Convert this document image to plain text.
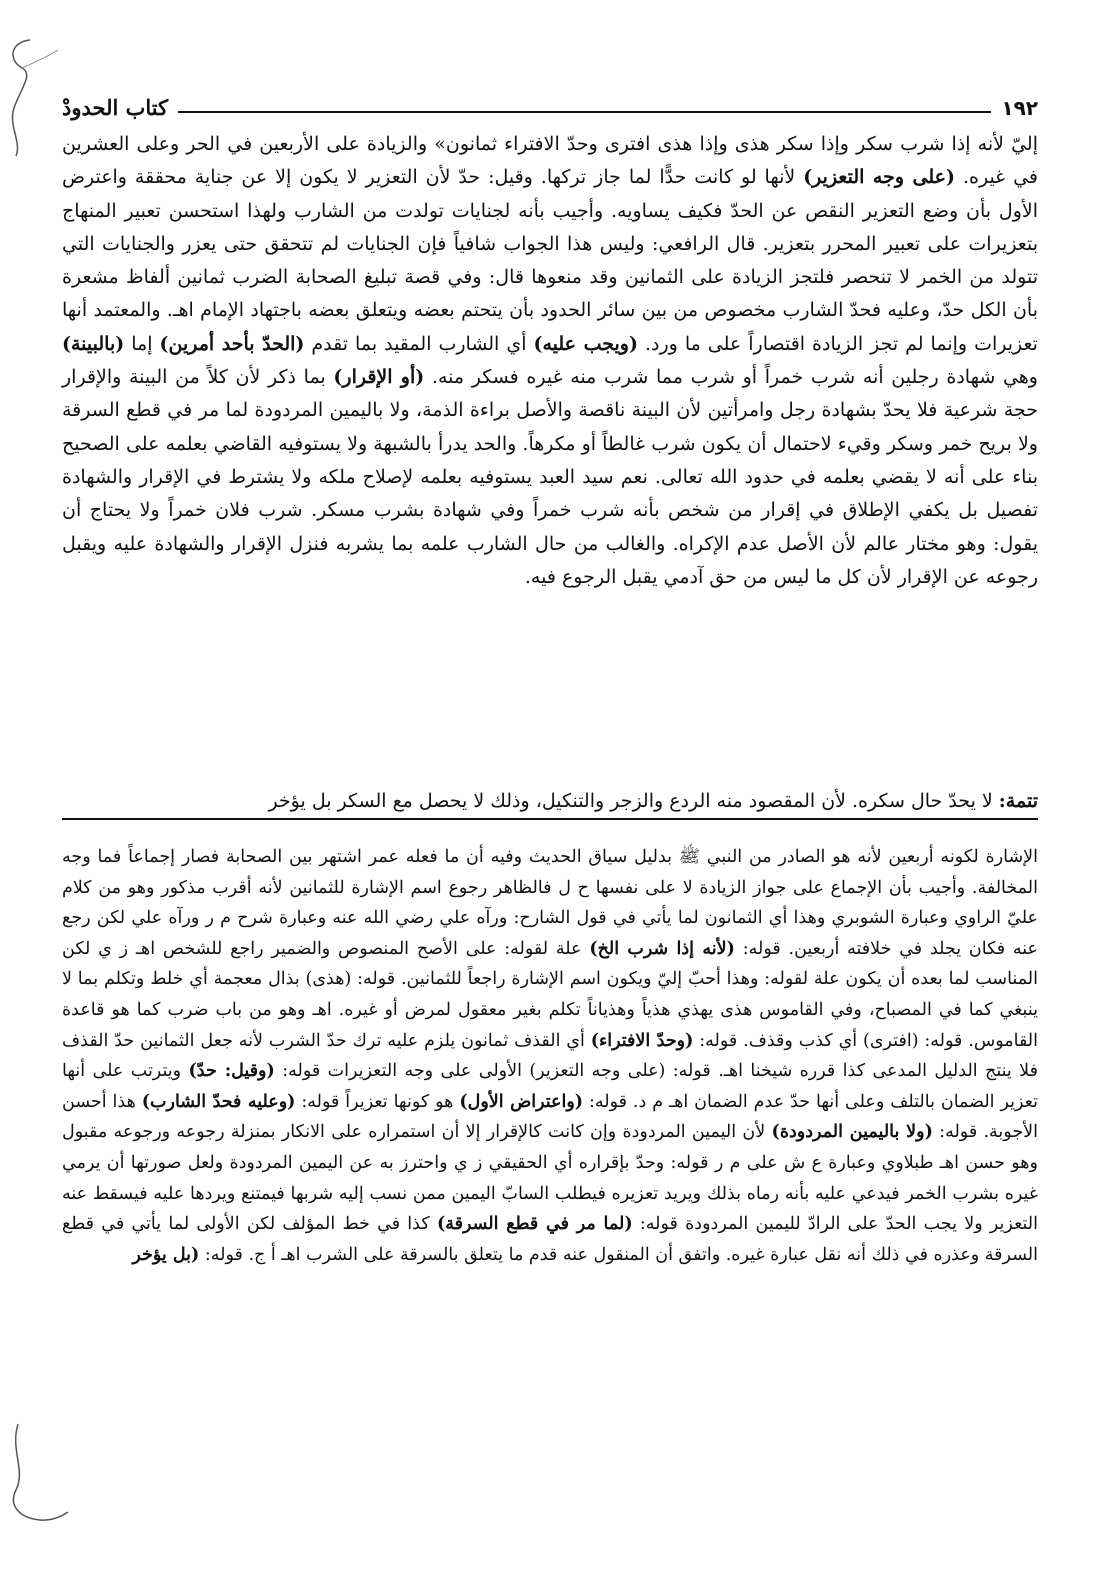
١٩٢
كتاب الحدودْ

إليّ لأنه إذا شرب سكر وإذا سكر هذى وإذا هذى افترى وحدّ الافتراء ثمانون» والزيادة على الأربعين في الحر وعلى العشرين في غيره. (على وجه التعزير) لأنها لو كانت حدًّا لما جاز تركها. وقيل: حدّ لأن التعزير لا يكون إلا عن جناية محققة واعترض الأول بأن وضع التعزير النقص عن الحدّ فكيف يساويه. وأجيب بأنه لجنايات تولدت من الشارب ولهذا استحسن تعبير المنهاج بتعزيرات على تعبير المحرر بتعزير. قال الرافعي: وليس هذا الجواب شافياً فإن الجنايات لم تتحقق حتى يعزر والجنايات التي تتولد من الخمر لا تنحصر فلتجز الزيادة على الثمانين وقد منعوها قال: وفي قصة تبليغ الصحابة الضرب ثمانين ألفاظ مشعرة بأن الكل حدّ، وعليه فحدّ الشارب مخصوص من بين سائر الحدود بأن يتحتم بعضه ويتعلق بعضه باجتهاد الإمام اهـ. والمعتمد أنها تعزيرات وإنما لم تجز الزيادة اقتصاراً على ما ورد. (ويجب عليه) أي الشارب المقيد بما تقدم (الحدّ بأحد أمرين) إما (بالبينة) وهي شهادة رجلين أنه شرب خمراً أو شرب مما شرب منه غيره فسكر منه. (أو الإقرار) بما ذكر لأن كلاً من البينة والإقرار حجة شرعية فلا يحدّ بشهادة رجل وامرأتين لأن البينة ناقصة والأصل براءة الذمة، ولا باليمين المردودة لما مر في قطع السرقة ولا بريح خمر وسكر وقيء لاحتمال أن يكون شرب غالطاً أو مكرهاً. والحد يدرأ بالشبهة ولا يستوفيه القاضي بعلمه على الصحيح بناء على أنه لا يقضي بعلمه في حدود الله تعالى. نعم سيد العبد يستوفيه بعلمه لإصلاح ملكه ولا يشترط في الإقرار والشهادة تفصيل بل يكفي الإطلاق في إقرار من شخص بأنه شرب خمراً وفي شهادة بشرب مسكر. شرب فلان خمراً ولا يحتاج أن يقول: وهو مختار عالم لأن الأصل عدم الإكراه. والغالب من حال الشارب علمه بما يشربه فنزل الإقرار والشهادة عليه ويقبل رجوعه عن الإقرار لأن كل ما ليس من حق آدمي يقبل الرجوع فيه.

تتمة: لا يحدّ حال سكره. لأن المقصود منه الردع والزجر والتنكيل، وذلك لا يحصل مع السكر بل يؤخر

الإشارة لكونه أربعين لأنه هو الصادر من النبي ﷺ بدليل سياق الحديث وفيه أن ما فعله عمر اشتهر بين الصحابة فصار إجماعاً فما وجه المخالفة. وأجيب بأن الإجماع على جواز الزيادة لا على نفسها ح ل فالظاهر رجوع اسم الإشارة للثمانين لأنه أقرب مذكور وهو من كلام عليّ الراوي وعبارة الشوبري وهذا أي الثمانون لما يأتي في قول الشارح: ورآه علي رضي الله عنه وعبارة شرح م ر ورآه علي لكن رجع عنه فكان يجلد في خلافته أربعين. قوله: (لأنه إذا شرب الخ) علة لقوله: على الأصح المنصوص والضمير راجع للشخص اهـ ز ي لكن المناسب لما بعده أن يكون علة لقوله: وهذا أحبّ إليّ ويكون اسم الإشارة راجعاً للثمانين. قوله: (هذى) بذال معجمة أي خلط وتكلم بما لا ينبغي كما في المصباح، وفي القاموس هذى يهذي هذياً وهذياناً تكلم بغير معقول لمرض أو غيره. اهـ وهو من باب ضرب كما هو قاعدة القاموس. قوله: (افترى) أي كذب وقذف. قوله: (وحدّ الافتراء) أي القذف ثمانون يلزم عليه ترك حدّ الشرب لأنه جعل الثمانين حدّ القذف فلا ينتج الدليل المدعى كذا قرره شيخنا اهـ. قوله: (على وجه التعزير) الأولى على وجه التعزيرات قوله: (وقيل: حدّ) ويترتب على أنها تعزير الضمان بالتلف وعلى أنها حدّ عدم الضمان اهـ م د. قوله: (واعتراض الأول) هو كونها تعزيراً قوله: (وعليه فحدّ الشارب) هذا أحسن الأجوبة. قوله: (ولا باليمين المردودة) لأن اليمين المردودة وإن كانت كالإقرار إلا أن استمراره على الانكار بمنزلة رجوعه ورجوعه مقبول وهو حسن اهـ طبلاوي وعبارة ع ش على م ر قوله: وحدّ بإقراره أي الحقيقي ز ي واحترز به عن اليمين المردودة ولعل صورتها أن يرمي غيره بشرب الخمر فيدعي عليه بأنه رماه بذلك ويريد تعزيره فيطلب السابّ اليمين ممن نسب إليه شربها فيمتنع ويردها عليه فيسقط عنه التعزير ولا يجب الحدّ على الرادّ لليمين المردودة قوله: (لما مر في قطع السرقة) كذا في خط المؤلف لكن الأولى لما يأتي في قطع السرقة وعذره في ذلك أنه نقل عبارة غيره. واتفق أن المنقول عنه قدم ما يتعلق بالسرقة على الشرب اهـ أ ج. قوله: (بل يؤخر
